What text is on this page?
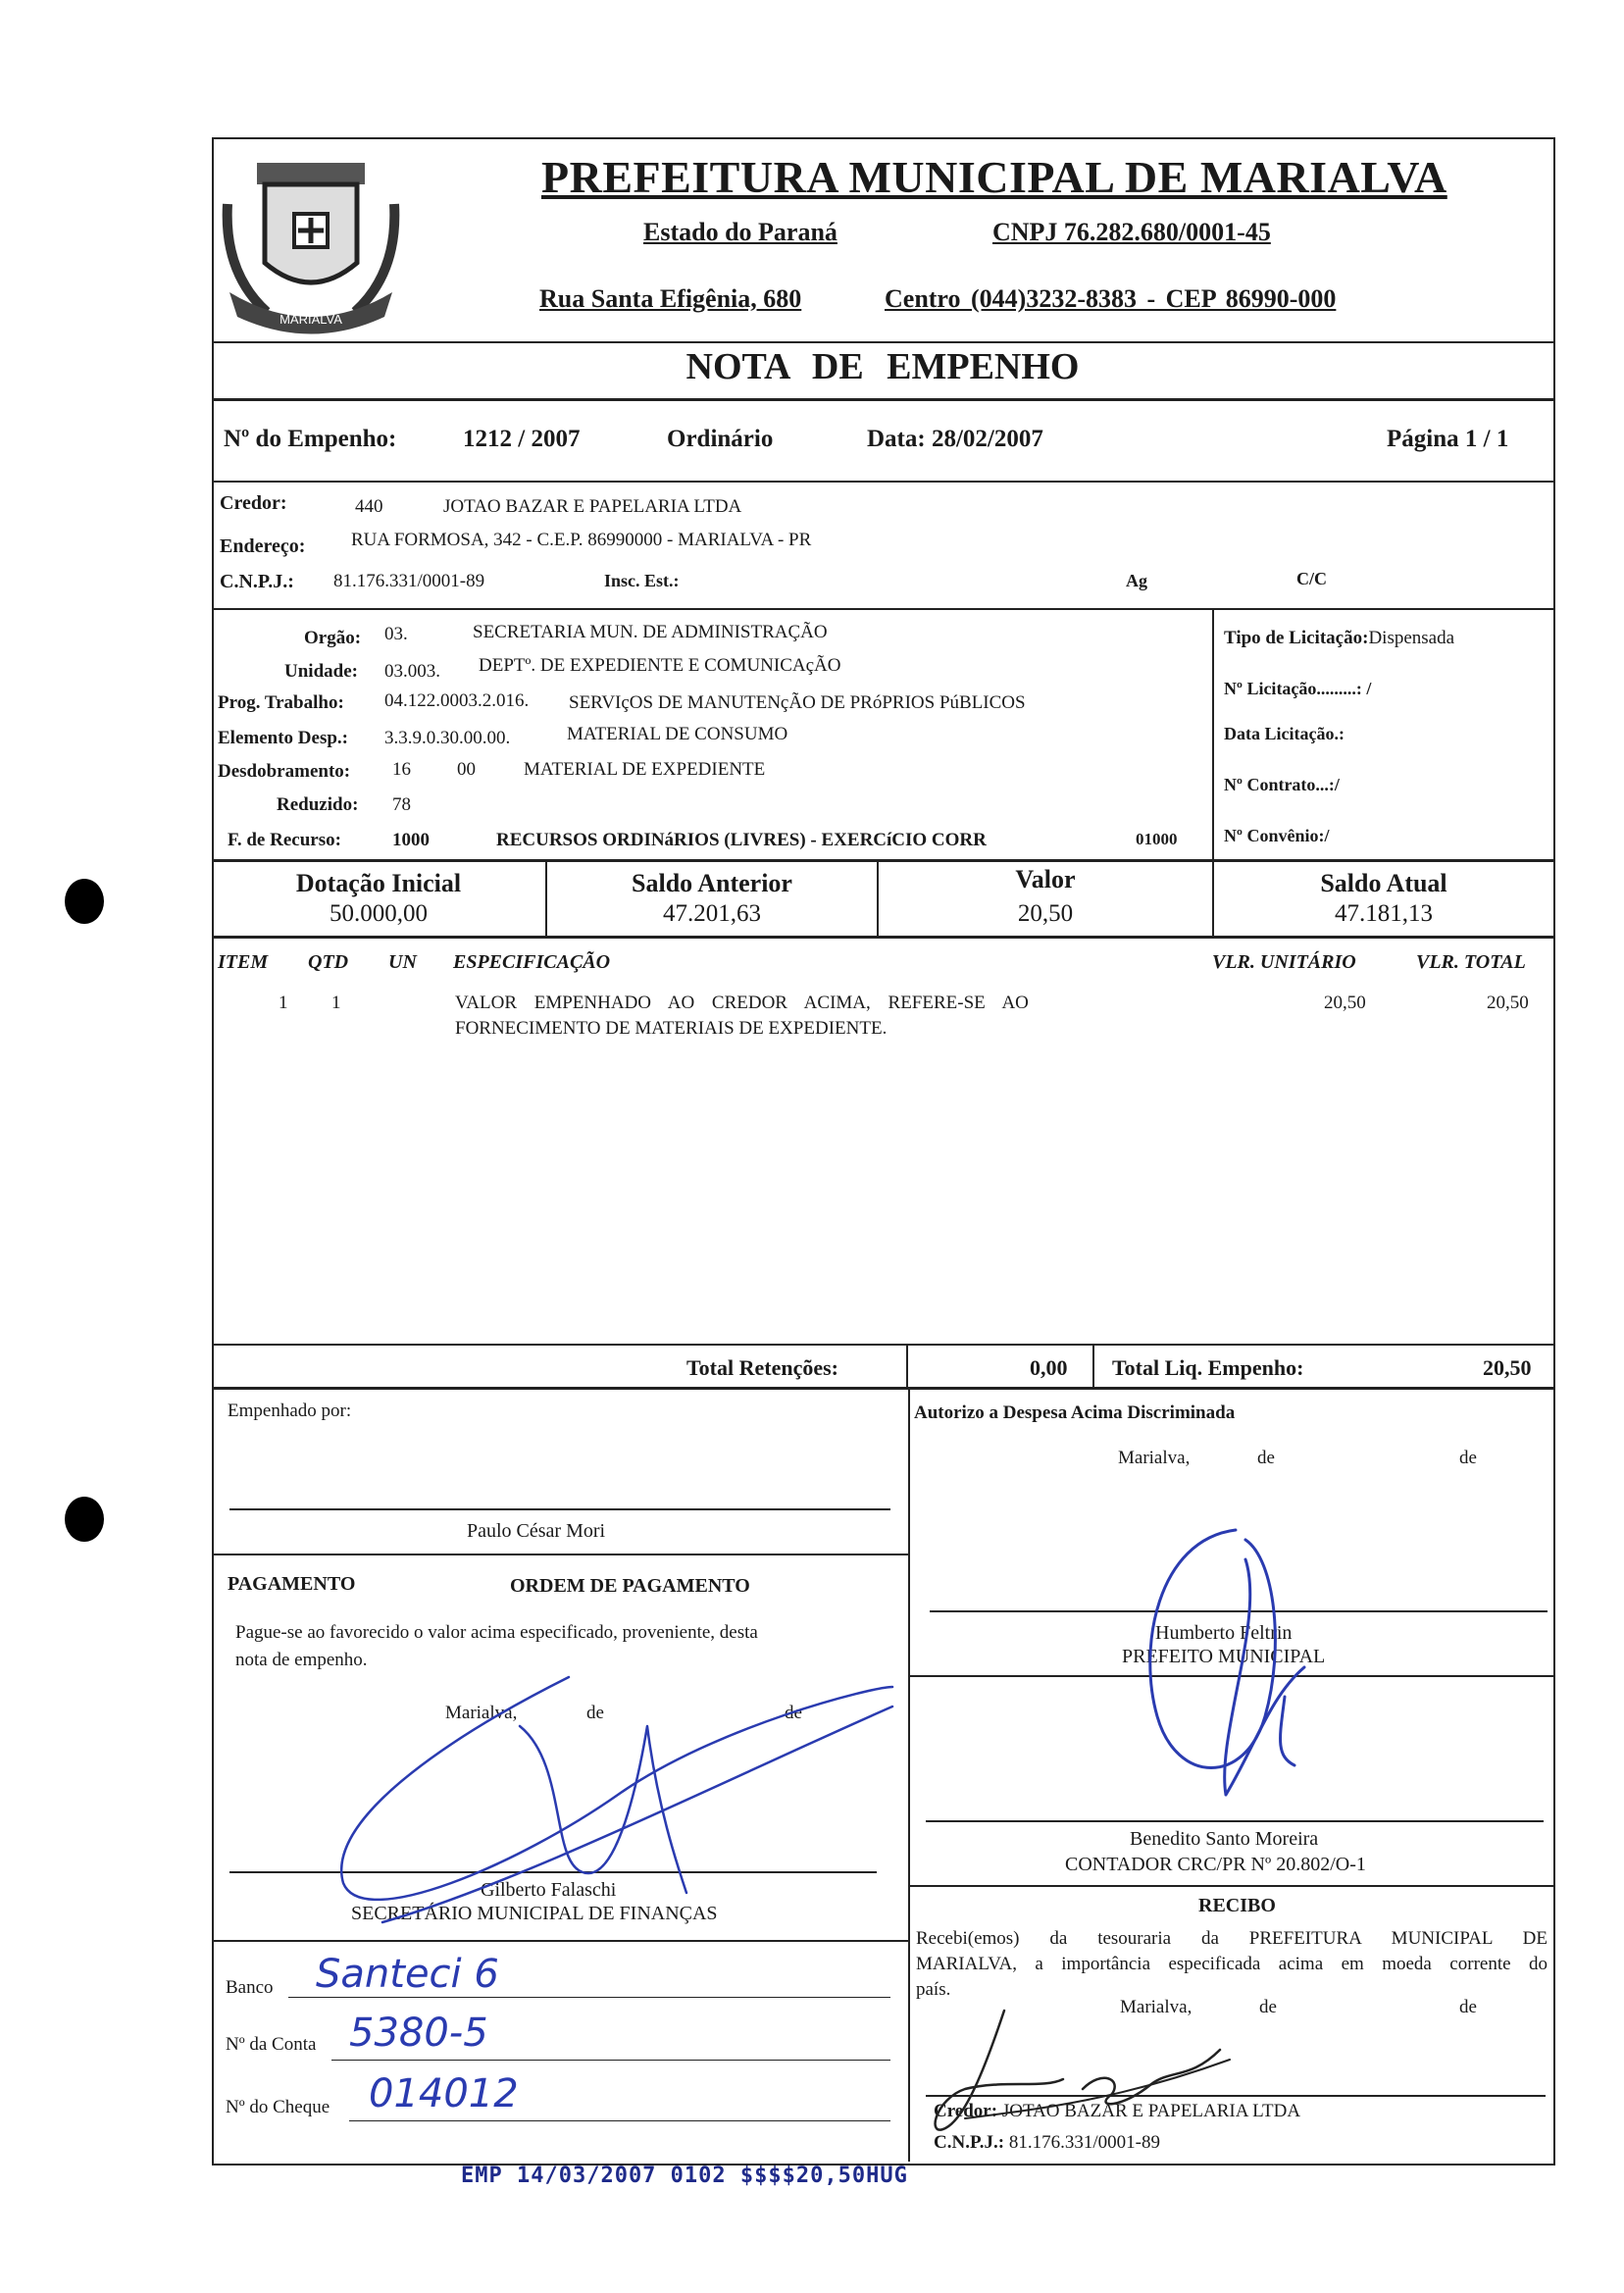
MARIALVA
PREFEITURA MUNICIPAL DE MARIALVA
Estado do Paraná	CNPJ 76.282.680/0001-45
Rua Santa Efigênia, 680	Centro (044)3232-8383 - CEP 86990-000
NOTA DE EMPENHO
Nº do Empenho:	1212 / 2007	Ordinário	Data: 28/02/2007	Página 1 / 1
Credor:	440	JOTAO BAZAR E PAPELARIA LTDA
Endereço: RUA FORMOSA, 342 - C.E.P. 86990000 - MARIALVA - PR
C.N.P.J.: 81.176.331/0001-89	Insc. Est.:	Ag	C/C
Orgão: 03.	SECRETARIA MUN. DE ADMINISTRAÇÃO
Unidade: 03.003. DEPTº. DE EXPEDIENTE E COMUNICAçÃO
Prog. Trabalho: 04.122.0003.2.016. SERVIçOS DE MANUTENçÃO DE PRóPRIOS PúBLICOS
Elemento Desp.: 3.3.9.0.30.00.00.	MATERIAL DE CONSUMO
Desdobramento: 16 00	MATERIAL DE EXPEDIENTE
Reduzido: 78
F. de Recurso:	1000	RECURSOS ORDINáRIOS (LIVRES) - EXERCíCIO CORR	01000
Tipo de Licitação:Dispensada
Nº Licitação.........: /
Data Licitação.:
Nº Contrato...:/
Nº Convênio:/
Dotação Inicial
50.000,00
Saldo Anterior
47.201,63
Valor
20,50
Saldo Atual
47.181,13
ITEM QTD UN ESPECIFICAÇÃO	VLR. UNITÁRIO	VLR. TOTAL
1 1	VALOR EMPENHADO AO CREDOR ACIMA, REFERE-SE AO
FORNECIMENTO DE MATERIAIS DE EXPEDIENTE.
20,50	20,50
Total Retenções:	0,00 Total Liq. Empenho:	20,50
Empenhado por:
Paulo César Mori
Autorizo a Despesa Acima Discriminada
Marialva,	de	de
Humberto Feltrin
PREFEITO MUNICIPAL
Benedito Santo Moreira
CONTADOR CRC/PR Nº 20.802/O-1
PAGAMENTO	ORDEM DE PAGAMENTO
Pague-se ao favorecido o valor acima especificado, proveniente, desta
nota de empenho.
Marialva,	de	de
Gilberto Falaschi
SECRETÁRIO MUNICIPAL DE FINANÇAS
Banco Santeci 6
Nº da Conta 5380-5
Nº do Cheque 014012
RECIBO
Recebi(emos) da tesouraria da PREFEITURA MUNICIPAL DE
MARIALVA, a importância especificada acima em moeda corrente do
país.
Marialva,	de	de
Credor: JOTAO BAZAR E PAPELARIA LTDA
C.N.P.J.: 81.176.331/0001-89
EMP 14/03/2007 0102 $$$$20,50HUG
